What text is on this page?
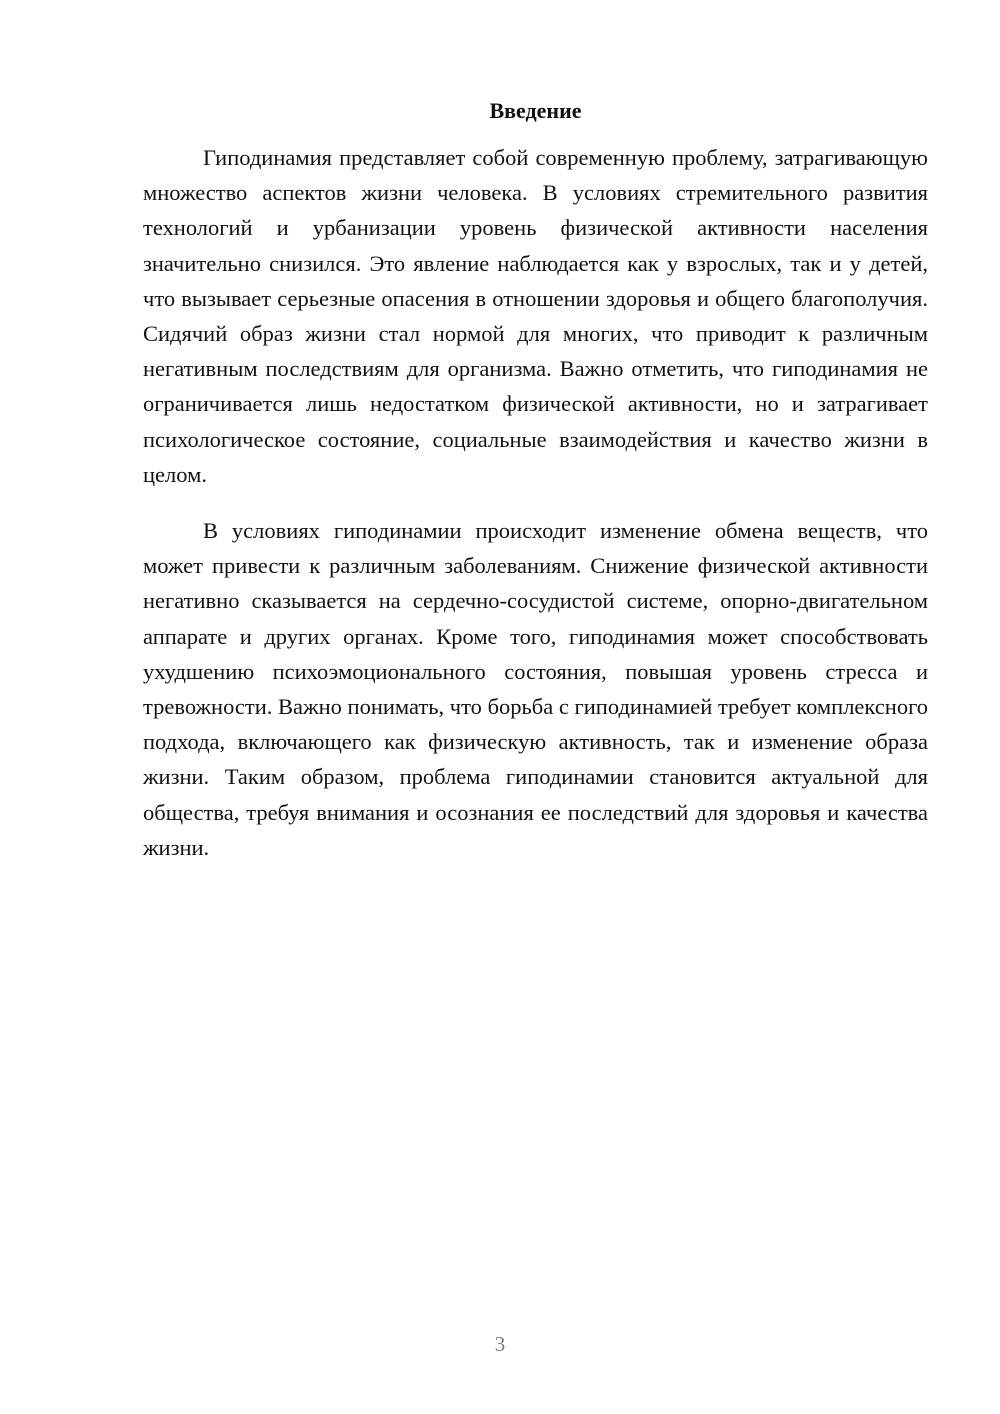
Введение

Гиподинамия представляет собой современную проблему, затрагивающую множество аспектов жизни человека. В условиях стремительного развития технологий и урбанизации уровень физической активности населения значительно снизился. Это явление наблюдается как у взрослых, так и у детей, что вызывает серьезные опасения в отношении здоровья и общего благополучия. Сидячий образ жизни стал нормой для многих, что приводит к различным негативным последствиям для организма. Важно отметить, что гиподинамия не ограничивается лишь недостатком физической активности, но и затрагивает психологическое состояние, социальные взаимодействия и качество жизни в целом.

В условиях гиподинамии происходит изменение обмена веществ, что может привести к различным заболеваниям. Снижение физической активности негативно сказывается на сердечно-сосудистой системе, опорно-двигательном аппарате и других органах. Кроме того, гиподинамия может способствовать ухудшению психоэмоционального состояния, повышая уровень стресса и тревожности. Важно понимать, что борьба с гиподинамией требует комплексного подхода, включающего как физическую активность, так и изменение образа жизни. Таким образом, проблема гиподинамии становится актуальной для общества, требуя внимания и осознания ее последствий для здоровья и качества жизни.

3
